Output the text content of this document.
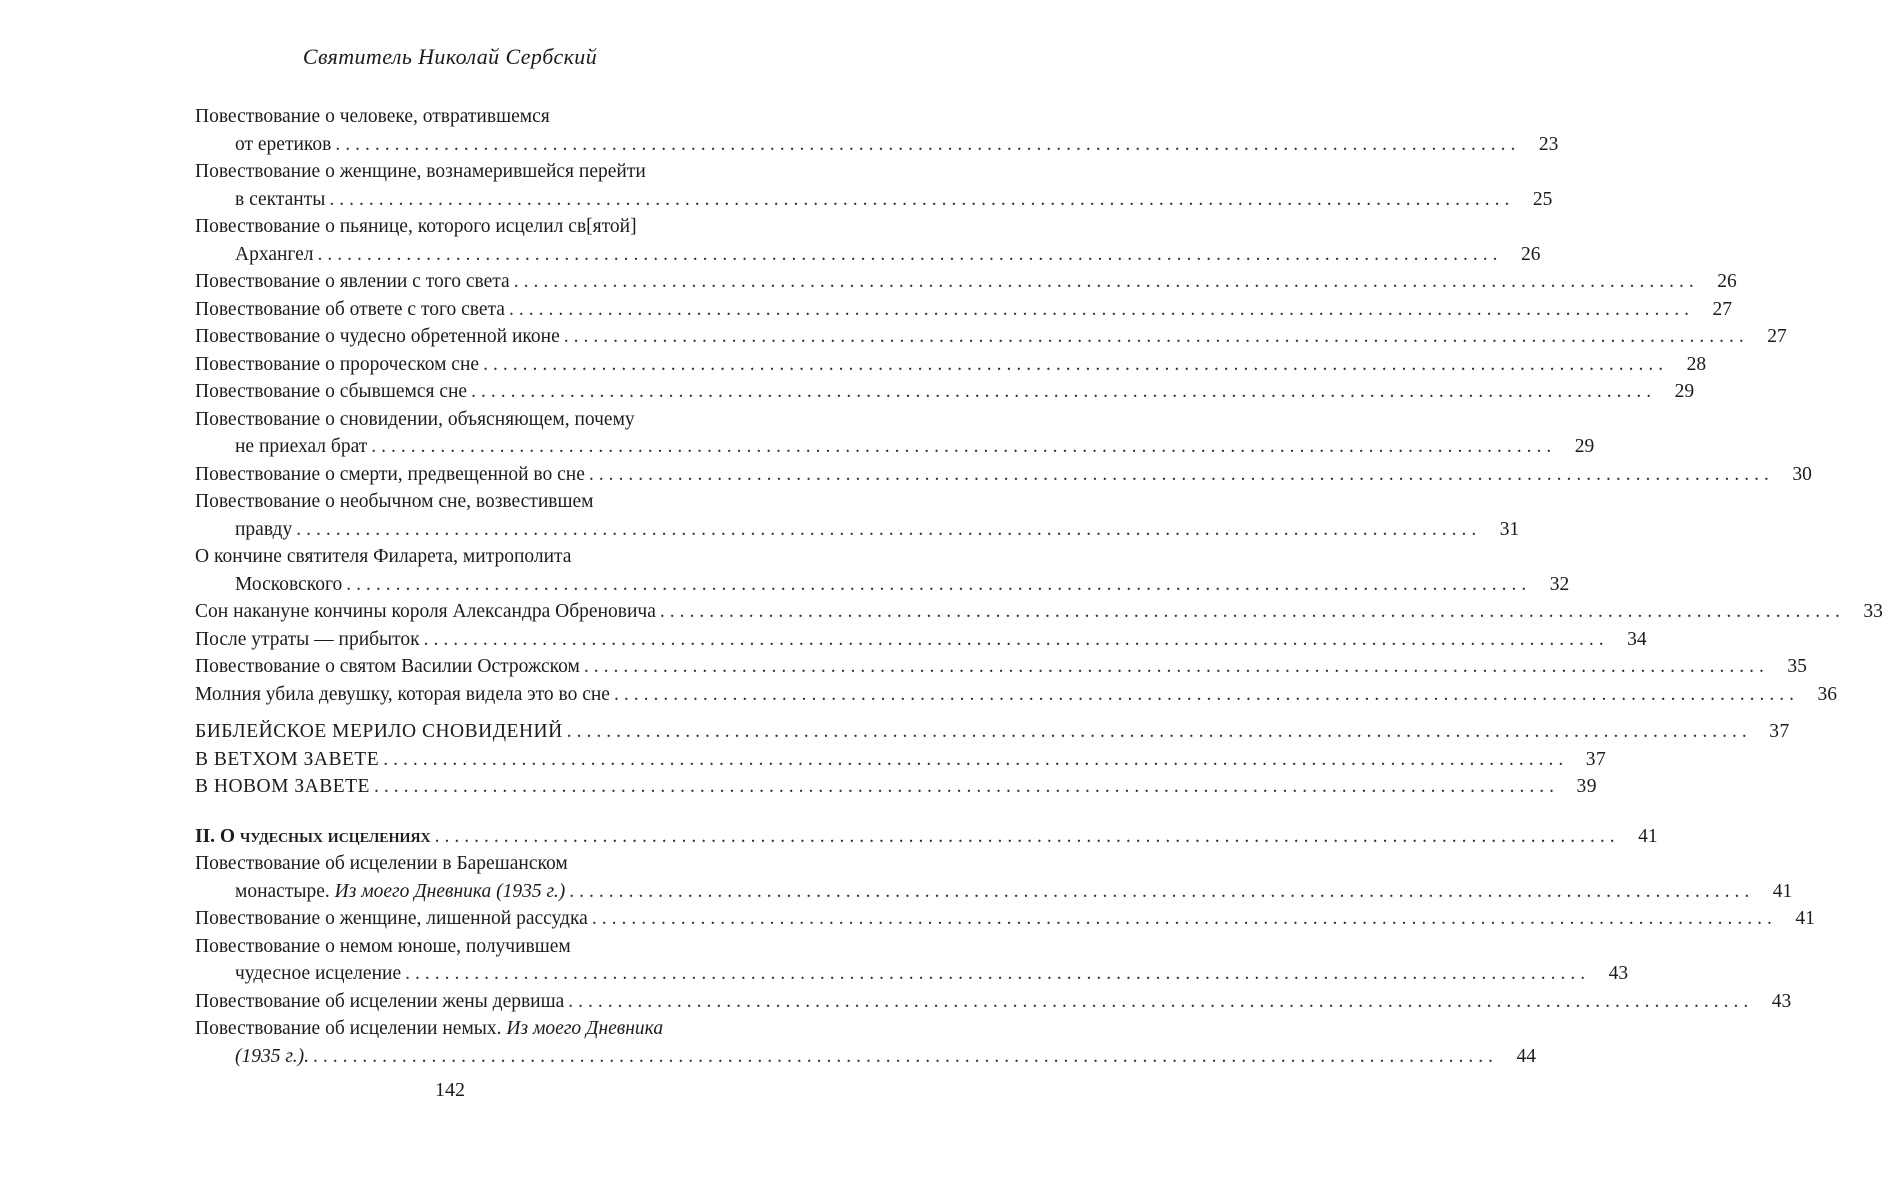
Святитель Николай Сербский
Повествование о человеке, отвратившемся
от еретиков ........................................................................................................................ 23
Повествование о женщине, вознамерившейся перейти
в сектанты ........................................................................................................................ 25
Повествование о пьянице, которого исцелил св[ятой]
Архангел ........................................................................................................................ 26
Повествование о явлении с того света ........................................................................................................................ 26
Повествование об ответе с того света ........................................................................................................................ 27
Повествование о чудесно обретенной иконе ........................................................................................................................ 27
Повествование о пророческом сне ........................................................................................................................ 28
Повествование о сбывшемся сне ........................................................................................................................ 29
Повествование о сновидении, объясняющем, почему
не приехал брат ........................................................................................................................ 29
Повествование о смерти, предвещенной во сне ........................................................................................................................ 30
Повествование о необычном сне, возвестившем
правду ........................................................................................................................ 31
О кончине святителя Филарета, митрополита
Московского ........................................................................................................................ 32
Сон накануне кончины короля Александра Обреновича ........................................................................................................................ 33
После утраты — прибыток ........................................................................................................................ 34
Повествование о святом Василии Острожском ........................................................................................................................ 35
Молния убила девушку, которая видела это во сне ........................................................................................................................ 36
БИБЛЕЙСКОЕ МЕРИЛО СНОВИДЕНИЙ ........................................................................................................................ 37
В ВЕТХОМ ЗАВЕТЕ ........................................................................................................................ 37
В НОВОМ ЗАВЕТЕ ........................................................................................................................ 39
II. О чудесных исцелениях ........................................................................................................................ 41
Повествование об исцелении в Барешанском
монастыре.
Из моего Дневника (1935 г.) ........................................................................................................................ 41
Повествование о женщине, лишенной рассудка ........................................................................................................................ 41
Повествование о немом юноше, получившем
чудесное исцеление ........................................................................................................................ 43
Повествование об исцелении жены дервиша ........................................................................................................................ 43
Повествование об исцелении немых. Из моего Дневника
(1935 г.). ........................................................................................................................ 44
142
